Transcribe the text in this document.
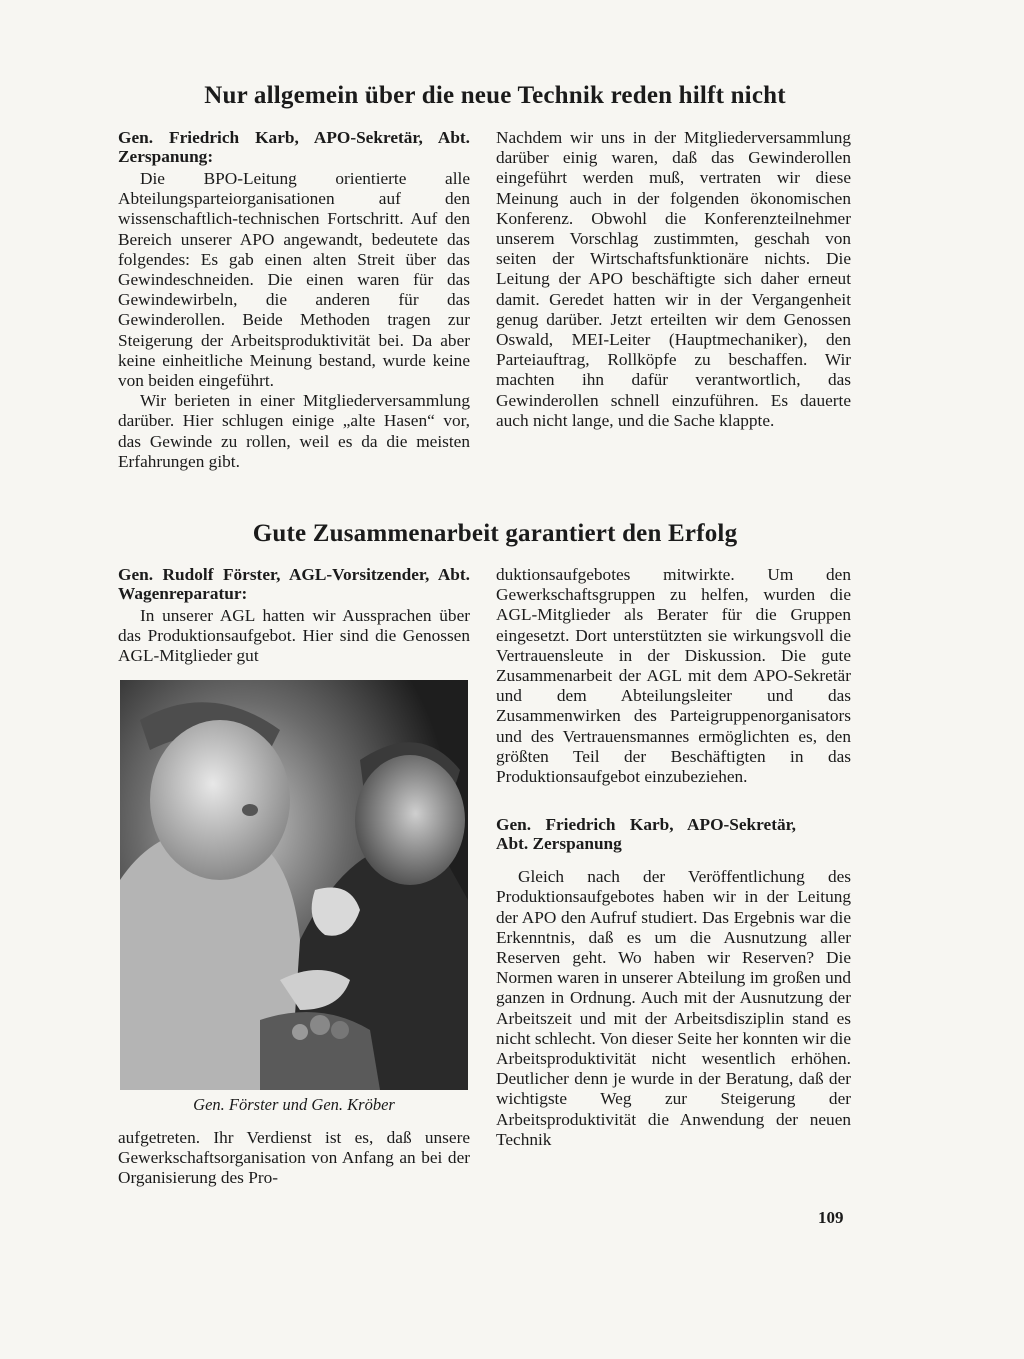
Nur allgemein über die neue Technik reden hilft nicht

Gen. Friedrich Karb, APO-Sekretär, Abt. Zerspanung:

Die BPO-Leitung orientierte alle Abteilungsparteiorganisationen auf den wissenschaftlich-technischen Fortschritt. Auf den Bereich unserer APO angewandt, bedeutete das folgendes: Es gab einen alten Streit über das Gewindeschneiden. Die einen waren für das Gewindewirbeln, die anderen für das Gewinderollen. Beide Methoden tragen zur Steigerung der Arbeitsproduktivität bei. Da aber keine einheitliche Meinung bestand, wurde keine von beiden eingeführt.

Wir berieten in einer Mitgliederversammlung darüber. Hier schlugen einige „alte Hasen“ vor, das Gewinde zu rollen, weil es da die meisten Erfahrungen gibt.

Nachdem wir uns in der Mitgliederversammlung darüber einig waren, daß das Gewinderollen eingeführt werden muß, vertraten wir diese Meinung auch in der folgenden ökonomischen Konferenz. Obwohl die Konferenzteilnehmer unserem Vorschlag zustimmten, geschah von seiten der Wirtschaftsfunktionäre nichts. Die Leitung der APO beschäftigte sich daher erneut damit. Geredet hatten wir in der Vergangenheit genug darüber. Jetzt erteilten wir dem Genossen Oswald, MEI-Leiter (Hauptmechaniker), den Parteiauftrag, Rollköpfe zu beschaffen. Wir machten ihn dafür verantwortlich, das Gewinderollen schnell einzuführen. Es dauerte auch nicht lange, und die Sache klappte.

Gute Zusammenarbeit garantiert den Erfolg

Gen. Rudolf Förster, AGL-Vorsitzender, Abt. Wagenreparatur:

In unserer AGL hatten wir Aussprachen über das Produktionsaufgebot. Hier sind die Genossen AGL-Mitglieder gut

Gen. Förster und Gen. Kröber

aufgetreten. Ihr Verdienst ist es, daß unsere Gewerkschaftsorganisation von Anfang an bei der Organisierung des Pro-

duktionsaufgebotes mitwirkte. Um den Gewerkschaftsgruppen zu helfen, wurden die AGL-Mitglieder als Berater für die Gruppen eingesetzt. Dort unterstützten sie wirkungsvoll die Vertrauensleute in der Diskussion. Die gute Zusammenarbeit der AGL mit dem APO-Sekretär und dem Abteilungsleiter und das Zusammenwirken des Parteigruppenorganisators und des Vertrauensmannes ermöglichten es, den größten Teil der Beschäftigten in das Produktionsaufgebot einzubeziehen.

Gen. Friedrich Karb, APO-Sekretär, Abt. Zerspanung

Gleich nach der Veröffentlichung des Produktionsaufgebotes haben wir in der Leitung der APO den Aufruf studiert. Das Ergebnis war die Erkenntnis, daß es um die Ausnutzung aller Reserven geht. Wo haben wir Reserven? Die Normen waren in unserer Abteilung im großen und ganzen in Ordnung. Auch mit der Ausnutzung der Arbeitszeit und mit der Arbeitsdisziplin stand es nicht schlecht. Von dieser Seite her konnten wir die Arbeitsproduktivität nicht wesentlich erhöhen. Deutlicher denn je wurde in der Beratung, daß der wichtigste Weg zur Steigerung der Arbeitsproduktivität die Anwendung der neuen Technik

109
